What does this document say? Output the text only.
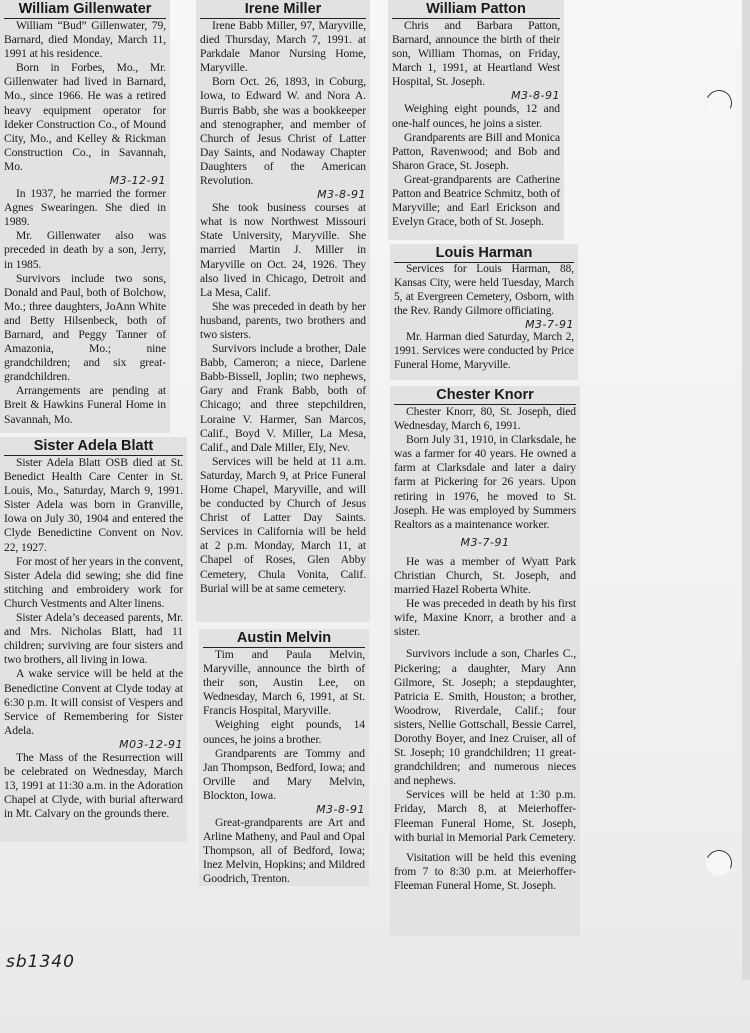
William Gillenwater

William “Bud” Gillenwater, 79, Barnard, died Monday, March 11, 1991 at his residence.

Born in Forbes, Mo., Mr. Gillenwater had lived in Barnard, Mo., since 1966. He was a retired heavy equipment operator for Ideker Construction Co., of Mound City, Mo., and Kelley & Rickman Construction Co., in Savannah, Mo.

M3-12-91

In 1937, he married the former Agnes Swearingen. She died in 1989.

Mr. Gillenwater also was preceded in death by a son, Jerry, in 1985.

Survivors include two sons, Donald and Paul, both of Bolchow, Mo.; three daughters, JoAnn White and Betty Hilsenbeck, both of Barnard, and Peggy Tanner of Amazonia, Mo.; nine grandchildren; and six great-grandchildren.

Arrangements are pending at Breit & Hawkins Funeral Home in Savannah, Mo.

Sister Adela Blatt

Sister Adela Blatt OSB died at St. Benedict Health Care Center in St. Louis, Mo., Saturday, March 9, 1991. Sister Adela was born in Granville, Iowa on July 30, 1904 and entered the Clyde Benedictine Convent on Nov. 22, 1927.

For most of her years in the convent, Sister Adela did sewing; she did fine stitching and embroidery work for Church Vestments and Alter linens.

Sister Adela’s deceased parents, Mr. and Mrs. Nicholas Blatt, had 11 children; surviving are four sisters and two brothers, all living in Iowa.

A wake service will be held at the Benedictine Convent at Clyde today at 6:30 p.m. It will consist of Vespers and Service of Remembering for Sister Adela.

M03-12-91

The Mass of the Resurrection will be celebrated on Wednesday, March 13, 1991 at 11:30 a.m. in the Adoration Chapel at Clyde, with burial afterward in Mt. Calvary on the grounds there.

Irene Miller

Irene Babb Miller, 97, Maryville, died Thursday, March 7, 1991. at Parkdale Manor Nursing Home, Maryville.

Born Oct. 26, 1893, in Coburg, Iowa, to Edward W. and Nora A. Burris Babb, she was a bookkeeper and stenographer, and member of Church of Jesus Christ of Latter Day Saints, and Nodaway Chapter Daughters of the American Revolution.

M3-8-91

She took business courses at what is now Northwest Missouri State University, Maryville. She married Martin J. Miller in Maryville on Oct. 24, 1926. They also lived in Chicago, Detroit and La Mesa, Calif.

She was preceded in death by her husband, parents, two brothers and two sisters.

Survivors include a brother, Dale Babb, Cameron; a niece, Darlene Babb-Bissell, Joplin; two nephews, Gary and Frank Babb, both of Chicago; and three stepchildren, Loraine V. Harmer, San Marcos, Calif., Boyd V. Miller, La Mesa, Calif., and Dale Miller, Ely, Nev.

Services will be held at 11 a.m. Saturday, March 9, at Price Funeral Home Chapel, Maryville, and will be conducted by Church of Jesus Christ of Latter Day Saints. Services in California will be held at 2 p.m. Monday, March 11, at Chapel of Roses, Glen Abby Cemetery, Chula Vonita, Calif. Burial will be at same cemetery.

Austin Melvin

Tim and Paula Melvin, Maryville, announce the birth of their son, Austin Lee, on Wednesday, March 6, 1991, at St. Francis Hospital, Maryville.

Weighing eight pounds, 14 ounces, he joins a brother.

Grandparents are Tommy and Jan Thompson, Bedford, Iowa; and Orville and Mary Melvin, Blockton, Iowa.

M3-8-91

Great-grandparents are Art and Arline Matheny, and Paul and Opal Thompson, all of Bedford, Iowa; Inez Melvin, Hopkins; and Mildred Goodrich, Trenton.

William Patton

Chris and Barbara Patton, Barnard, announce the birth of their son, William Thomas, on Friday, March 1, 1991, at Heartland West Hospital, St. Joseph.

M3-8-91

Weighing eight pounds, 12 and one-half ounces, he joins a sister.

Grandparents are Bill and Monica Patton, Ravenwood; and Bob and Sharon Grace, St. Joseph.

Great-grandparents are Catherine Patton and Beatrice Schmitz, both of Maryville; and Earl Erickson and Evelyn Grace, both of St. Joseph.

Louis Harman

Services for Louis Harman, 88, Kansas City, were held Tuesday, March 5, at Evergreen Cemetery, Osborn, with the Rev. Randy Gilmore officiating.

M3-7-91

Mr. Harman died Saturday, March 2, 1991. Services were conducted by Price Funeral Home, Maryville.

Chester Knorr

Chester Knorr, 80, St. Joseph, died Wednesday, March 6, 1991.

Born July 31, 1910, in Clarksdale, he was a farmer for 40 years. He owned a farm at Clarksdale and later a dairy farm at Pickering for 26 years. Upon retiring in 1976, he moved to St. Joseph. He was employed by Summers Realtors as a maintenance worker.

M3-7-91

He was a member of Wyatt Park Christian Church, St. Joseph, and married Hazel Roberta White.

He was preceded in death by his first wife, Maxine Knorr, a brother and a sister.

Survivors include a son, Charles C., Pickering; a daughter, Mary Ann Gilmore, St. Joseph; a stepdaughter, Patricia E. Smith, Houston; a brother, Woodrow, Riverdale, Calif.; four sisters, Nellie Gottschall, Bessie Carrel, Dorothy Boyer, and Inez Cruiser, all of St. Joseph; 10 grandchildren; 11 great-grandchildren; and numerous nieces and nephews.

Services will be held at 1:30 p.m. Friday, March 8, at Meierhoffer-Fleeman Funeral Home, St. Joseph, with burial in Memorial Park Cemetery.

Visitation will be held this evening from 7 to 8:30 p.m. at Meierhoffer-Fleeman Funeral Home, St. Joseph.

sb1340
